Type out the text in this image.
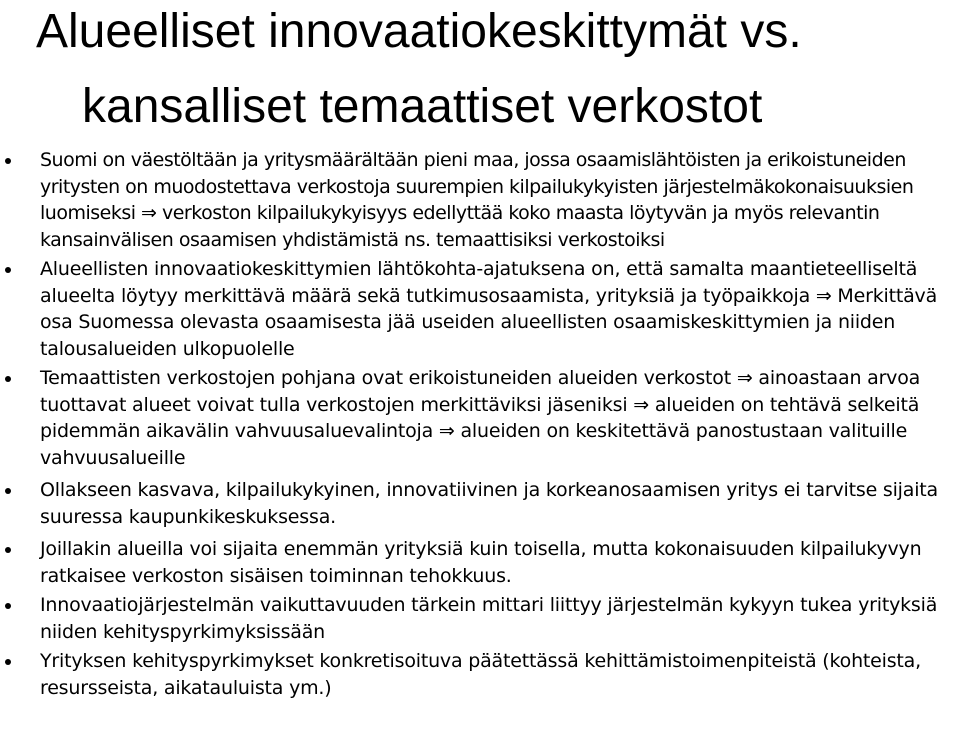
Alueelliset innovaatiokeskittymät vs.
kansalliset temaattiset verkostot
Suomi on väestöltään ja yritysmäärältään pieni maa, jossa osaamislähtöisten ja erikoistuneiden yritysten on muodostettava verkostoja suurempien kilpailukykyisten järjestelmäkokonaisuuksien luomiseksi ⇒ verkoston kilpailukykyisyys edellyttää koko maasta löytyvän ja myös relevantin kansainvälisen osaamisen yhdistämistä ns. temaattisiksi verkostoiksi
Alueellisten innovaatiokeskittymien lähtökohta-ajatuksena on, että samalta maantieteelliseltä alueelta löytyy merkittävä määrä sekä tutkimusosaamista, yrityksiä ja työpaikkoja ⇒ Merkittävä osa Suomessa olevasta osaamisesta jää useiden alueellisten osaamiskeskittymien ja niiden talousalueiden ulkopuolelle
Temaattisten verkostojen pohjana ovat erikoistuneiden alueiden verkostot ⇒ ainoastaan arvoa tuottavat alueet voivat tulla verkostojen merkittäviksi jäseniksi ⇒ alueiden on tehtävä selkeitä pidemmän aikavälin vahvuusaluevalintoja ⇒ alueiden on keskitettävä panostustaan valituille vahvuusalueille
Ollakseen kasvava, kilpailukykyinen, innovatiivinen ja korkeanosaamisen yritys ei tarvitse sijaita suuressa kaupunkikeskuksessa.
Joillakin alueilla voi sijaita enemmän yrityksiä kuin toisella, mutta kokonaisuuden kilpailukyvyn ratkaisee verkoston sisäisen toiminnan tehokkuus.
Innovaatiojärjestelmän vaikuttavuuden tärkein mittari liittyy järjestelmän kykyyn tukea yrityksiä niiden kehityspyrkimyksissään
Yrityksen kehityspyrkimykset konkretisoituva päätettässä kehittämistoimenpiteistä (kohteista, resursseista, aikatauluista ym.)
